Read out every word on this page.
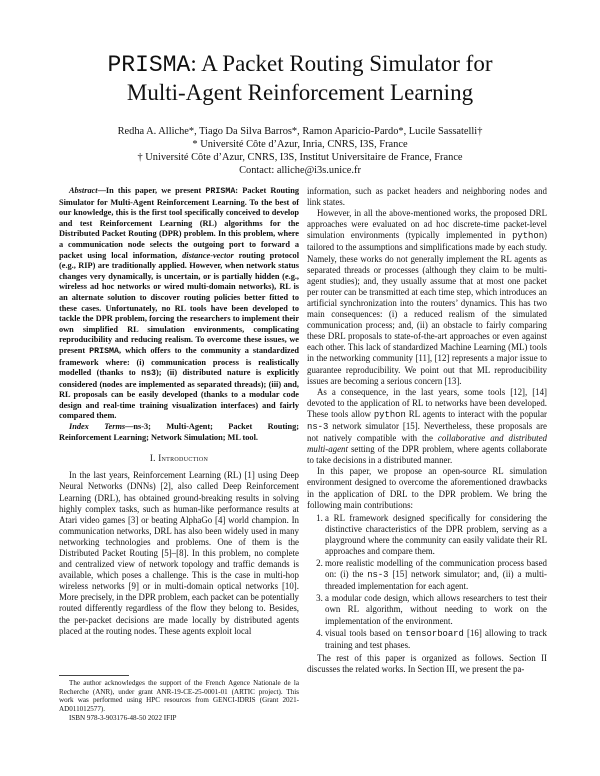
PRISMA: A Packet Routing Simulator for
Multi-Agent Reinforcement Learning
Redha A. Alliche*, Tiago Da Silva Barros*, Ramon Aparicio-Pardo*, Lucile Sassatelli†
* Université Côte d’Azur, Inria, CNRS, I3S, France
† Université Côte d’Azur, CNRS, I3S, Institut Universitaire de France, France
Contact: alliche@i3s.unice.fr

Abstract—In this paper, we present PRISMA: Packet Routing Simulator for Multi-Agent Reinforcement Learning. To the best of our knowledge, this is the first tool specifically conceived to develop and test Reinforcement Learning (RL) algorithms for the Distributed Packet Routing (DPR) problem. In this problem, where a communication node selects the outgoing port to forward a packet using local information, distance-vector routing protocol (e.g., RIP) are traditionally applied. However, when network status changes very dynamically, is uncertain, or is partially hidden (e.g., wireless ad hoc networks or wired multi-domain networks), RL is an alternate solution to discover routing policies better fitted to these cases. Unfortunately, no RL tools have been developed to tackle the DPR problem, forcing the researchers to implement their own simplified RL simulation environments, complicating reproducibility and reducing realism. To overcome these issues, we present PRISMA, which offers to the community a standardized framework where: (i) communication process is realistically modelled (thanks to ns3); (ii) distributed nature is explicitly considered (nodes are implemented as separated threads); (iii) and, RL proposals can be easily developed (thanks to a modular code design and real-time training visualization interfaces) and fairly compared them.

Index Terms—ns-3; Multi-Agent; Packet Routing; Reinforcement Learning; Network Simulation; ML tool.

I. Introduction

In the last years, Reinforcement Learning (RL) [1] using Deep Neural Networks (DNNs) [2], also called Deep Reinforcement Learning (DRL), has obtained ground-breaking results in solving highly complex tasks, such as human-like performance results at Atari video games [3] or beating AlphaGo [4] world champion. In communication networks, DRL has also been widely used in many networking technologies and problems. One of them is the Distributed Packet Routing [5]–[8]. In this problem, no complete and centralized view of network topology and traffic demands is available, which poses a challenge. This is the case in multi-hop wireless networks [9] or in multi-domain optical networks [10]. More precisely, in the DPR problem, each packet can be potentially routed differently regardless of the flow they belong to. Besides, the per-packet decisions are made locally by distributed agents placed at the routing nodes. These agents exploit local

The author acknowledges the support of the French Agence Nationale de la Recherche (ANR), under grant ANR-19-CE-25-0001-01 (ARTIC project). This work was performed using HPC resources from GENCI-IDRIS (Grant 2021-AD011012577).

ISBN 978-3-903176-48-50 2022 IFIP

information, such as packet headers and neighboring nodes and link states.

However, in all the above-mentioned works, the proposed DRL approaches were evaluated on ad hoc discrete-time packet-level simulation environments (typically implemented in python) tailored to the assumptions and simplifications made by each study. Namely, these works do not generally implement the RL agents as separated threads or processes (although they claim to be multi-agent studies); and, they usually assume that at most one packet per router can be transmitted at each time step, which introduces an artificial synchronization into the routers’ dynamics. This has two main consequences: (i) a reduced realism of the simulated communication process; and, (ii) an obstacle to fairly comparing these DRL proposals to state-of-the-art approaches or even against each other. This lack of standardized Machine Learning (ML) tools in the networking community [11], [12] represents a major issue to guarantee reproducibility. We point out that ML reproducibility issues are becoming a serious concern [13].

As a consequence, in the last years, some tools [12], [14] devoted to the application of RL to networks have been developed. These tools allow python RL agents to interact with the popular ns-3 network simulator [15]. Nevertheless, these proposals are not natively compatible with the collaborative and distributed multi-agent setting of the DPR problem, where agents collaborate to take decisions in a distributed manner.

In this paper, we propose an open-source RL simulation environment designed to overcome the aforementioned drawbacks in the application of DRL to the DPR problem. We bring the following main contributions:

1. a RL framework designed specifically for considering the distinctive characteristics of the DPR problem, serving as a playground where the community can easily validate their RL approaches and compare them.
2. more realistic modelling of the communication process based on: (i) the ns-3 [15] network simulator; and, (ii) a multi-threaded implementation for each agent.
3. a modular code design, which allows researchers to test their own RL algorithm, without needing to work on the implementation of the environment.
4. visual tools based on tensorboard [16] allowing to track training and test phases.

The rest of this paper is organized as follows. Section II discusses the related works. In Section III, we present the pa-
